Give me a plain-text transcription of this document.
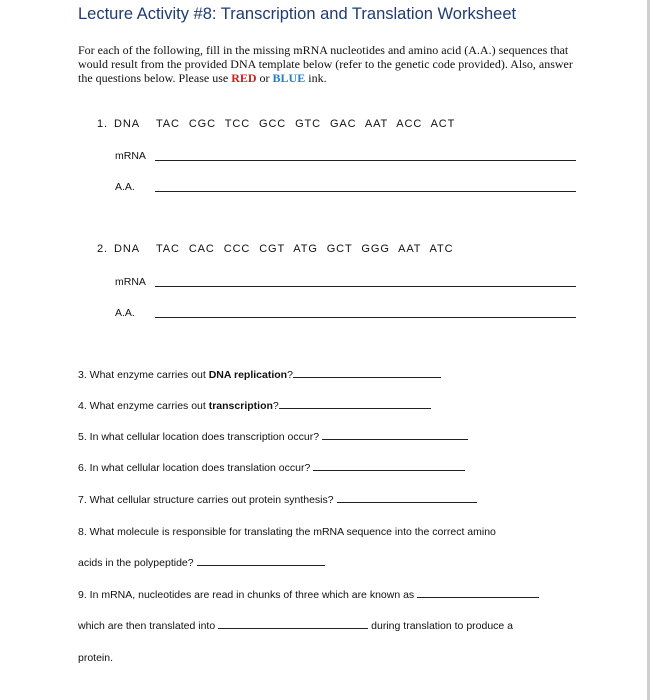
Lecture Activity #8: Transcription and Translation Worksheet
For each of the following, fill in the missing mRNA nucleotides and amino acid (A.A.) sequences that would result from the provided DNA template below (refer to the genetic code provided). Also, answer the questions below. Please use RED or BLUE ink.
1. DNA TAC CGC TCC GCC GTC GAC AAT ACC ACT
mRNA
A.A.
2. DNA TAC CAC CCC CGT ATG GCT GGG AAT ATC
mRNA
A.A.
3. What enzyme carries out DNA replication?
4. What enzyme carries out transcription?
5. In what cellular location does transcription occur?
6. In what cellular location does translation occur?
7. What cellular structure carries out protein synthesis?
8. What molecule is responsible for translating the mRNA sequence into the correct amino
acids in the polypeptide?
9. In mRNA, nucleotides are read in chunks of three which are known as
which are then translated into	during translation to produce a
protein.
